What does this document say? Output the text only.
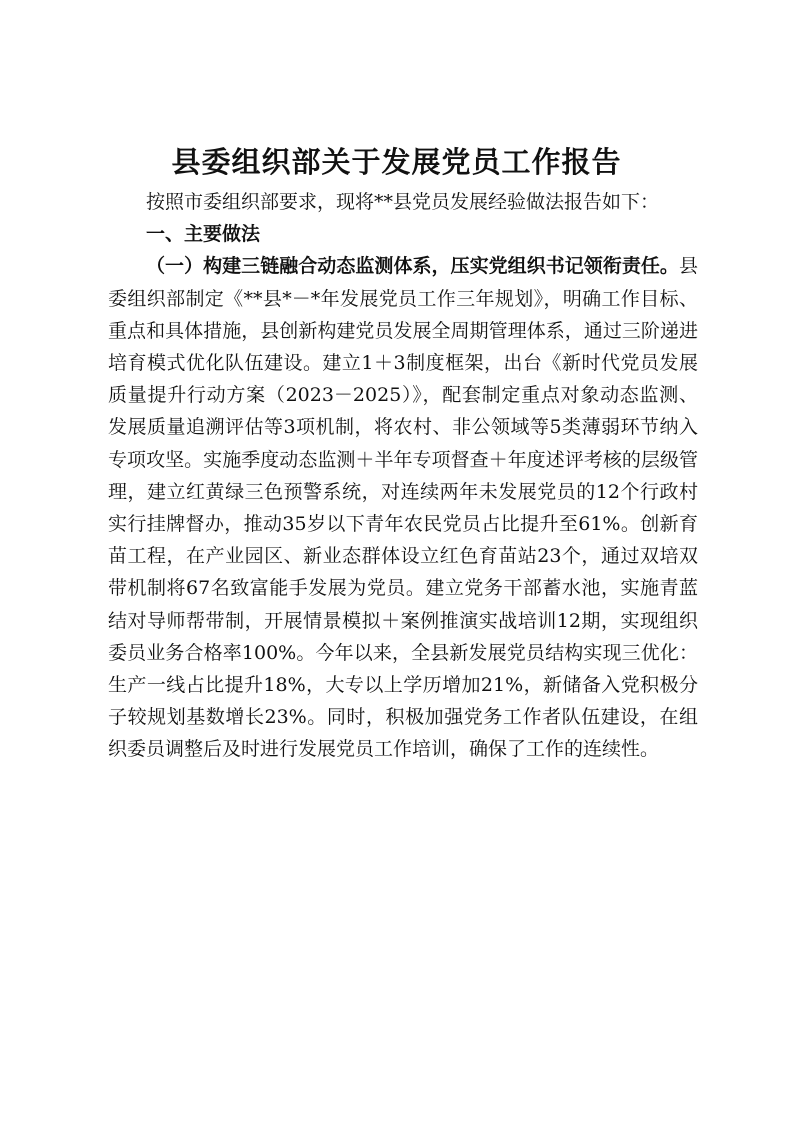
县委组织部关于发展党员工作报告

按照市委组织部要求，现将**县党员发展经验做法报告如下：

一、主要做法

（一）构建三链融合动态监测体系，压实党组织书记领衔责任。县委组织部制定《**县*－*年发展党员工作三年规划》，明确工作目标、重点和具体措施，县创新构建党员发展全周期管理体系，通过三阶递进培育模式优化队伍建设。建立1＋3制度框架，出台《新时代党员发展质量提升行动方案（2023－2025）》，配套制定重点对象动态监测、发展质量追溯评估等3项机制，将农村、非公领域等5类薄弱环节纳入专项攻坚。实施季度动态监测＋半年专项督查＋年度述评考核的层级管理，建立红黄绿三色预警系统，对连续两年未发展党员的12个行政村实行挂牌督办，推动35岁以下青年农民党员占比提升至61%。创新育苗工程，在产业园区、新业态群体设立红色育苗站23个，通过双培双带机制将67名致富能手发展为党员。建立党务干部蓄水池，实施青蓝结对导师帮带制，开展情景模拟＋案例推演实战培训12期，实现组织委员业务合格率100%。今年以来，全县新发展党员结构实现三优化：生产一线占比提升18%，大专以上学历增加21%，新储备入党积极分子较规划基数增长23%。同时，积极加强党务工作者队伍建设，在组织委员调整后及时进行发展党员工作培训，确保了工作的连续性。
